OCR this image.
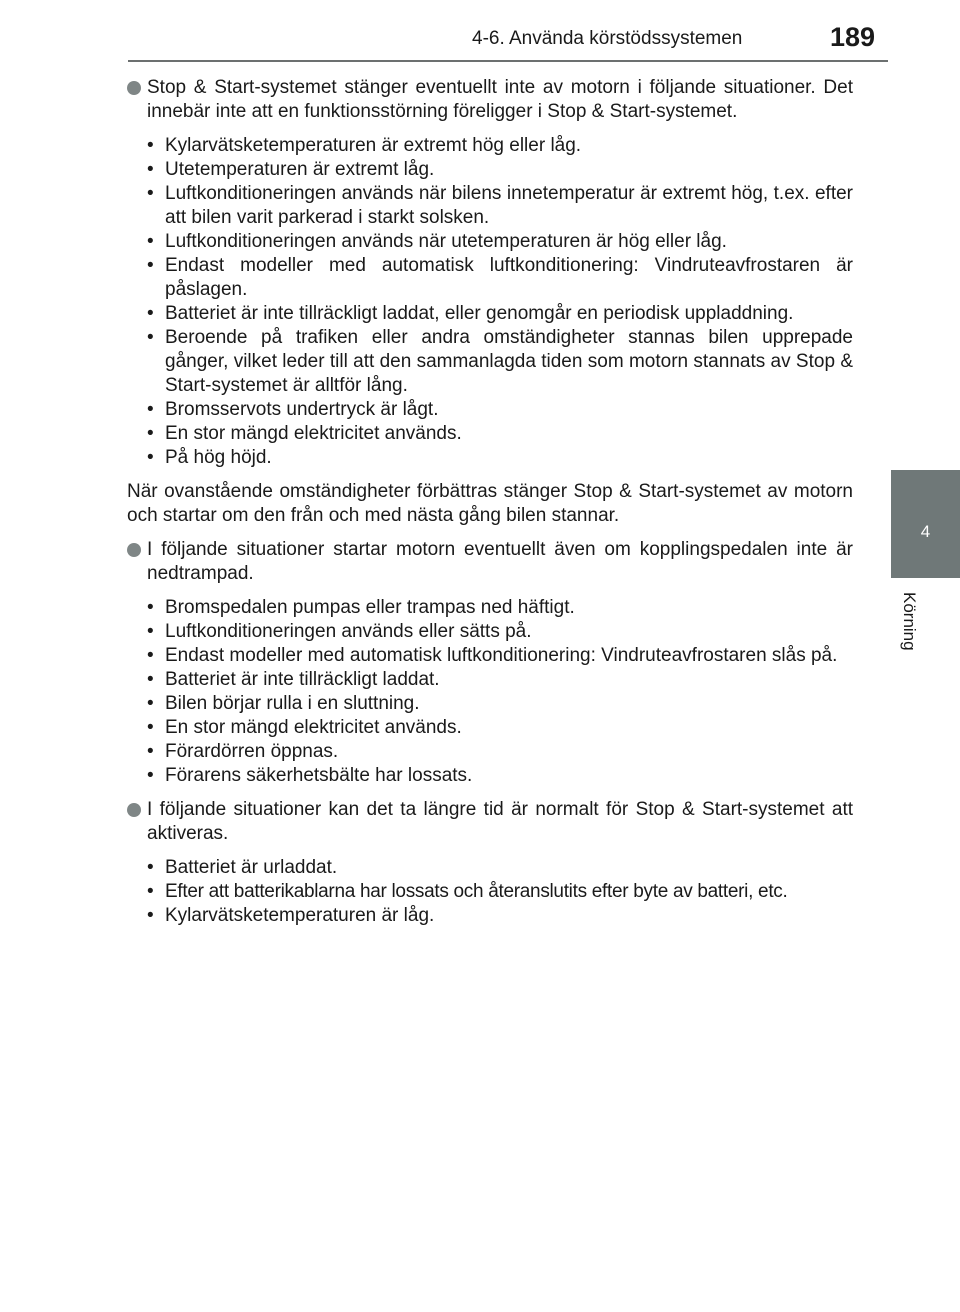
4-6. Använda körstödssystemen	189
4
Körning
Stop & Start-systemet stänger eventuellt inte av motorn i följande situationer. Det innebär inte att en funktionsstörning föreligger i Stop & Start-systemet.
• Kylarvätsketemperaturen är extremt hög eller låg.
• Utetemperaturen är extremt låg.
• Luftkonditioneringen används när bilens innetemperatur är extremt hög, t.ex. efter att bilen varit parkerad i starkt solsken.
• Luftkonditioneringen används när utetemperaturen är hög eller låg.
• Endast modeller med automatisk luftkonditionering: Vindruteavfrostaren är påslagen.
• Batteriet är inte tillräckligt laddat, eller genomgår en periodisk uppladdning.
• Beroende på trafiken eller andra omständigheter stannas bilen upprepade gånger, vilket leder till att den sammanlagda tiden som motorn stannats av Stop & Start-systemet är alltför lång.
• Bromsservots undertryck är lågt.
• En stor mängd elektricitet används.
• På hög höjd.
När ovanstående omständigheter förbättras stänger Stop & Start-systemet av motorn och startar om den från och med nästa gång bilen stannar.
I följande situationer startar motorn eventuellt även om kopplingspedalen inte är nedtrampad.
• Bromspedalen pumpas eller trampas ned häftigt.
• Luftkonditioneringen används eller sätts på.
• Endast modeller med automatisk luftkonditionering: Vindruteavfrostaren slås på.
• Batteriet är inte tillräckligt laddat.
• Bilen börjar rulla i en sluttning.
• En stor mängd elektricitet används.
• Förardörren öppnas.
• Förarens säkerhetsbälte har lossats.
I följande situationer kan det ta längre tid är normalt för Stop & Start-systemet att aktiveras.
• Batteriet är urladdat.
• Efter att batterikablarna har lossats och återanslutits efter byte av batteri, etc.
• Kylarvätsketemperaturen är låg.
